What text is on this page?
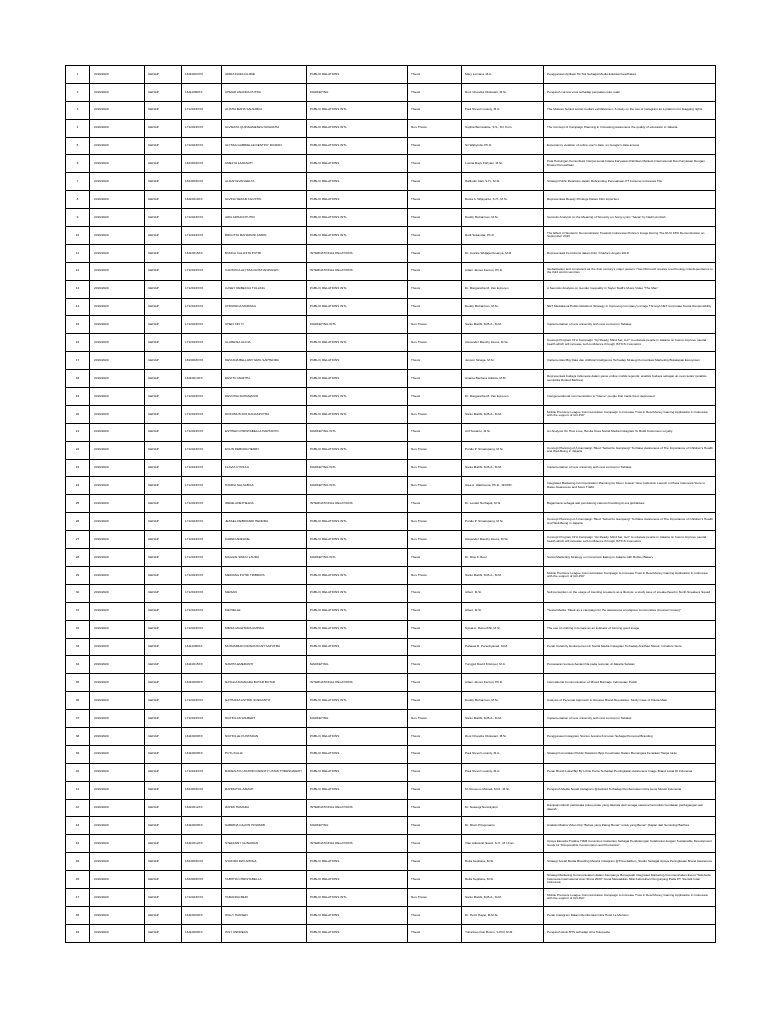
1	2019/2020	GENAP	1611000XXX	ADIRA FAIZA FAJRIE	PUBLIC RELATIONS	Thesis	Mary Lemana, M.A.	Penggunaan Aplikasi Tik Tok Sebagai Media Edukasi KewPrakes
2	2019/2020	GENAP	16111680XX	AHMAD ANANDA PUTRA	MARKETING	Thesis	Roni Chandra Oktaviani, M.Si.	Pengaruh corona virus terhadap penjualan toko retail
3	2019/2020	GENAP	1712023XXX	ALISHA MAHA SALSABIIA	PUBLIC RELATIONS INTL	Thesis	Paul Stevel Lucasty, M.A.	The Motives behind social media's exhibitionism: A study on the use of instagram as a platform for bragging rights
4	2019/2020	GENAP	1712023XXX	ALVIESTA QUINNAMENZA NUGRAHA	PUBLIC RELATIONS INTL	Non-Thesis	Sophia Bernadette, S.S., M.I.Kom.	The Concept of Campaign Planning in Increasing Awareness the quality of education in Jakarta
5	2019/2020	GENAP	1712023XXX	ALYSSA GABRIELLE DESTINY RUSDIN	PUBLIC RELATIONS INTL	Thesis	Sri Wahyuda, Ph.D.	Expectancy violation of online user's data: on Google's data access
6	2019/2020	GENAP	1813003XXX	AMELYA LARASATI	PUBLIC RELATIONS	Thesis	Lusnia Rayu Fitriyani, M.Si.	Pola Hubungan Komunikasi Interpersonal Antara Karyawan Pabrikan Markets Internasional Dan Karyawan Dengan Direksi Perusahaan
7	2019/2020	GENAP	1813003XXX	ALIFAH EVANGELYA	PUBLIC RELATIONS	Thesis	Rafiludin Alali, S.H., M.Si.	Strategi Public Relations dalam Rebranding Perusahaan PT Fortuner Indonesia Tbk
8	2019/2020	GENAP	16110019XX	ALVINA SEKAR AGUSTIN	PUBLIC RELATIONS	Thesis	Resia A. Wijayanto, S.H., M.Si.	Representasi Beauty Privilege Dalam Film Imperfect
9	2019/2020	GENAP	1712023XXX	ARIA ADHANI PUTRI	PUBLIC RELATIONS INTL	Thesis	Deddy Muharman, M.Si.	Semiotic Analysis on the Meaning of Sincerity on Song Lyrics "Sacai" by Nadin Amizah
10	2019/2020	GENAP	1712023XXX	BRIGITTA MAHARANI ANDIN	PUBLIC RELATIONS INTL	Thesis	Rudi Sukandar, Ph.D.	The Effect of Students' Demonstration Towards Indonesian Police's Image During The RUU KPK Demonstration on September 2019
11	2019/2020	GENAP	16110015XX	BUNGA CALLISTA PUTRI	INTERNATIONAL RELATIONS	Thesis	Dr. Jeanlie Widjaja Pusanya, M.M.	Representasi Feminisme dalam Film 'Charlie's Angels 2019'
12	2019/2020	GENAP	1712023XXX	CANTIKKA ALYSSA KRISTIANINGSIH	INTERNATIONAL RELATIONS	Thesis	Adam James Fenton, Ph.D.	Globalization and computers as the 21st century's major powers: How Microsoft creates a technology interdependence to the third world countries
13	2019/2020	GENAP	1712023XXX	CASEY REBECCA TULLING	PUBLIC RELATIONS INTL	Thesis	Dr. Margaretha M. Van Eyneren	A Semiotic Analysis on Gender Inequality in Taylor Swift's Music Video "The Man"
14	2019/2020	GENAP	1712023XXX	CHRONICA MARISKA	PUBLIC RELATIONS INTL	Thesis	Deddy Muharman, M.Si.	NET Mediatama Public Relations Strategy in Improving Company's Image Through NET Corporate Social Responsibility
15	2019/2020	GENAP	1712023XXX	CHEN XIN YI	MARKETING INTL	Non-Thesis	Sanio Mabbi, M.B.A., M.M.	Implementation of new university with new concept in Tabalas
16	2019/2020	GENAP	1712023XXX	CLARESIA ALICIA	PUBLIC RELATIONS INTL	Non-Thesis	Alexander Mamby Zeuss, M.Sc.	Concept Program Of A Campaign "Up Ready, Mind Set, Go!" to educate people in Jakarta on how to improve mental health which will increase self-confidence through ISTICS Cosmetics
17	2019/2020	GENAP	1813003XXX	DEVIANA BELLAMY EMIL SAPTENRA	PUBLIC RELATIONS	Thesis	Jenson Sinaga, M.Si.	Implementasi Big Data dan Artificial Intelligence Terhadap Strategi Komunikasi Marketing Bukalapak Ecosystem
18	2019/2020	GENAP	16110013XX	DEVITO MARTHA	PUBLIC RELATIONS	Thesis	Ananta Bachera Adiarta, M.M.	Representasi budaya Indonesia dalam game online mobile legends: analisis budaya sebagai up-ness kelas' (analisis semiotika Roland Barthes)
19	2019/2020	GENAP	1712023XXX	DEVIONA RUPAMANIN	PUBLIC RELATIONS INTL	Thesis	Dr. Margaretha M. Van Eyneren	Intergenerational communication in "Ideme" people that made them depressed
20	2019/2020	GENAP	1712023XXX	DIONISIUS RIO DANASPUTRA	PUBLIC RELATIONS INTL	Non-Thesis	Sanio Mabbi, M.B.A., M.M.	Mobile Premiere League Communication Campaign to Increase Trust in Real Money Gaming Application in Indonesia with the support of GO-PAY
21	2019/2020	GENAP	1712023XXX	ESTHER CHRISTABELLA HARTANTO	MARKETING INTL	Thesis	Arif Susanto, M.Si.	An Analysis On How Love, Bonita Uses Social Media Instagram To Build Customers Loyalty
22	2019/2020	GENAP	1712023XXX	EVLIN DEBORA HERRY	PUBLIC RELATIONS INTL	Non-Thesis	Purdio P. Simatupang, M.Si.	Concept Planning of A Campaign Titled "Sehat Itu Gampang" To Raise Awareness of The Importance of Children's Health and Well-Being in Jakarta
23	2019/2020	GENAP	1712023XXX	FLAVIA CYRILLA	MARKETING INTL	Non-Thesis	Sanio Mabbi, M.B.A., M.M.	Implementation of new university with new concept in Tabalas
24	2019/2020	GENAP	1712023XXX	HANIFA SALSABILA	MARKETING INTL	Non-Thesis	Atea A. Wattimena, Ph.D., MCIPR.	Integrated Marketing Communication Planning for Moon Jewelo' New Collection Launch in Plaza Indonesia Store to Raise Awareness and Store Traffic
25	2019/2020	GENAP	1712023XXX	IRENE ANETHELDA	INTERNATIONAL RELATIONS	Thesis	Dr. Lestari Nurhajati, M.Si.	Bagaimana sebagai alat pendukung caturan branding di era globalisasi
26	2019/2020	GENAP	1712023XXX	JESSEL DEBRIANDI HENDRA	PUBLIC RELATIONS INTL	Non-Thesis	Purdio P. Simatupang, M.Si.	Concept Planning of A Campaign Titled "Sehat Itu Gampang" To Raise Awareness of The Importance of Children's Health And Well-Being in Jakarta
27	2019/2020	GENAP	1712023XXX	KAREN ADELINE	PUBLIC RELATIONS INTL	Non-Thesis	Alexander Mamby Zeuss, M.Sc.	Concept Program Of A Campaign "Up Ready, Mind Set, Go!" to educate people in Jakarta on how to improve mental health which will increase self-confidence through ISTICS Cosmetics
28	2019/2020	GENAP	1712023XXX	MAGGIE SINDU LAURA	MARKETING INTL	Thesis	Dr. Rino F. Boer	Social Marketing Strategy on Conscious Eating in Jakarta with Roblox Bakery
29	2019/2020	GENAP	1712023XXX	MEDIANA PUTRI TRIBRATA	PUBLIC RELATIONS INTL	Non-Thesis	Sanio Mabbi, M.B.A., M.M.	Mobile Premiere League Communication Campaign to Increase Trust in Real Money Gaming Application in Indonesia with the support of GO-PAY
30	2019/2020	GENAP	1712023XXX	MEISAN	PUBLIC RELATIONS INTL	Thesis	Albert, M.Si.	Self-perception on the usage of trending sneakers as a lifestyle: a study case of sneakerhead in North Sneakers Squad
31	2019/2020	GENAP	1712023XXX	MICHELLE	PUBLIC RELATIONS INTL	Thesis	Albert, M.Si.	"Social Media, Tiktok as a campaign for the awareness of religious communities (Connect Group)"
32	2019/2020	GENAP	1712023XXX	MIRZA MAGHFIRA AMINKA	PUBLIC RELATIONS INTL	Thesis	Sylvia A. Rumerbhil, M.Si.	The use of clothing in female as an indicator of forming good image
33	2019/2020	GENAP	16111680XX	MUHAMMAD DIONANSYAH SAPUTRA	PUBLIC RELATIONS	Thesis	Pahawa R. Panerbyanati, M.M.	Peran Celebrity Endorsement di Social Media Instagram Terhadap Aradhan Merek: Intruders Store
34	2019/2020	GENAP	16110015XX	NAMITA EMERANTI	MARKETING	Thesis	Tunggul David Kristoyel, M.A.	Pemasaran konsep Aanjani lila pada restoran di Jakarta Selatan
35	2019/2020	GENAP	16110009XX	NATALIA NAVEGRA BUTAR BUTAR	INTERNATIONAL RELATIONS	Thesis	Adam James Fenton, Ph.D.	International Communication of Mixed Marriage Indonesian Polish
36	2019/2020	GENAP	1712023XXX	NATHANIA ASTRID SOESANTO	PUBLIC RELATIONS INTL	Thesis	Deddy Muharman, M.Si.	Analysis of Personal Approach to Restore Brand Reputation: Study Case of Kikola Maki
37	2019/2020	GENAP	1712023XXX	NICHOLAS WILBERT	MARKETING	Non-Thesis	Sanio Mabbi, M.B.A., M.M.	Implementation of new university with new concept in Tabalas
38	2019/2020	GENAP	16110009XX	NICHOLLE KUNTARAN	PUBLIC RELATIONS	Thesis	Roni Chandra Oktaviani, M.Si.	Penggunaan Instagram Stories Jessica Forrester Sebagai Personal Branding
39	2019/2020	GENAP	16110009XX	PUTU FALIA	PUBLIC RELATIONS	Thesis	Paul Stevel Lucasty, M.A.	Strategi Komunikasi Public Relations Bpjs Kesehatan Dalam Menangani Kenaikan Harga Iuran
40	2019/2020	GENAP	1712023XXX	RADEN AYU ASTRID DIPANTY UTAMI THRESNAWATI	PUBLIC RELATIONS	Thesis	Paul Stevel Lucasty, M.A.	Peran Brand Lokal Bip By Lizzie Parra Terhadap Peningkatan Awareness Image Brand Lokal Di Indonesia
41	2019/2020	GENAP	1813003XXX	RAHMATUL AZIZAH	PUBLIC RELATIONS	Thesis	M. Rosseno Misradi, M.M., M.Si.	Pengaruh Media Sosial Instagram @Jacksid Terhadap Pembentukan Citra Lieus Musisi Indonesia
42	2019/2020	GENAP	16110012XX	RAHMI HAMADA	INTERNATIONAL RELATIONS	Thesis	Dr. Nuasugi Nuraniyanti	Dampak industri pariwisata pulau-pulau yang dikelola oleh tenaga nasional kemudian hendakan perdagangan asli daerah
43	2019/2020	GENAP	16110009XX	SABRINA CALVIN HOWARD	MARKETING	Thesis	Dr. Ilham Prisgunanto	Analisis Makna Video Klip "Bebas yang Paling Benar" untuk yang Benar" (Kajian dari Semiologi Barthes
44	2019/2020	GENAP	16110012XX	STEFANNY GUNAWAN	INTERNATIONAL RELATIONS	Thesis	Irfan Adieta El Saeid, S.H., M.I.Kom.	Upaya Ekusida Positive H&M Conscious Collection Sebagai Pendukungan Kolaborasi dengan Sustainable Development Goals 12 "Responsible Consumption and Production"
45	2019/2020	GENAP	1813003XXX	SYAFIRA DWI APRILA	PUBLIC RELATIONS	Thesis	Rulia Septiana, M.Si.	Strategi Social Media Branding Melalui Instagram @Threeballism_Studio Sebagai Upaya Peningkatan Brand Awareness
46	2019/2020	GENAP	1813003XXX	TABITHA CHRISTABELLA	PUBLIC RELATIONS	Thesis	Rulia Septiana, M.Si.	Strategi Marketing Communication dalam Kampanye Bersejarah Integrated Marketing Communication Event "Sidebeda Indonesia International Auto Show 2020" Guna Meletakkan Nilai Kebutuhan Pengunjung Pada PT. Sterisik Intan Indonesia
47	2019/2020	GENAP	1712023XXX	TAMANNA BEDI	PUBLIC RELATIONS INTL	Non-Thesis	Sanio Mabbi, M.B.A., M.M.	Mobile Premiere League Communication Campaign to Increase Trust in Real Money Gaming Application in Indonesia with the support of GO-PAY
48	2019/2020	GENAP	16110009XX	WILLY HANSEN	PUBLIC RELATIONS	Thesis	Dr. Hemi Hayat, M.M.Si.	Peran Instagram Dalam Membentuk Citra Hotel Le Meriden
49	2019/2020	GENAP	16110009XX	WILY ANDREAS	PUBLIC RELATIONS	Thesis	Yohannes Don Bosco, S.Phil, M.M.	Pengaruh Akun BTS terhadap citra Tokopedia
